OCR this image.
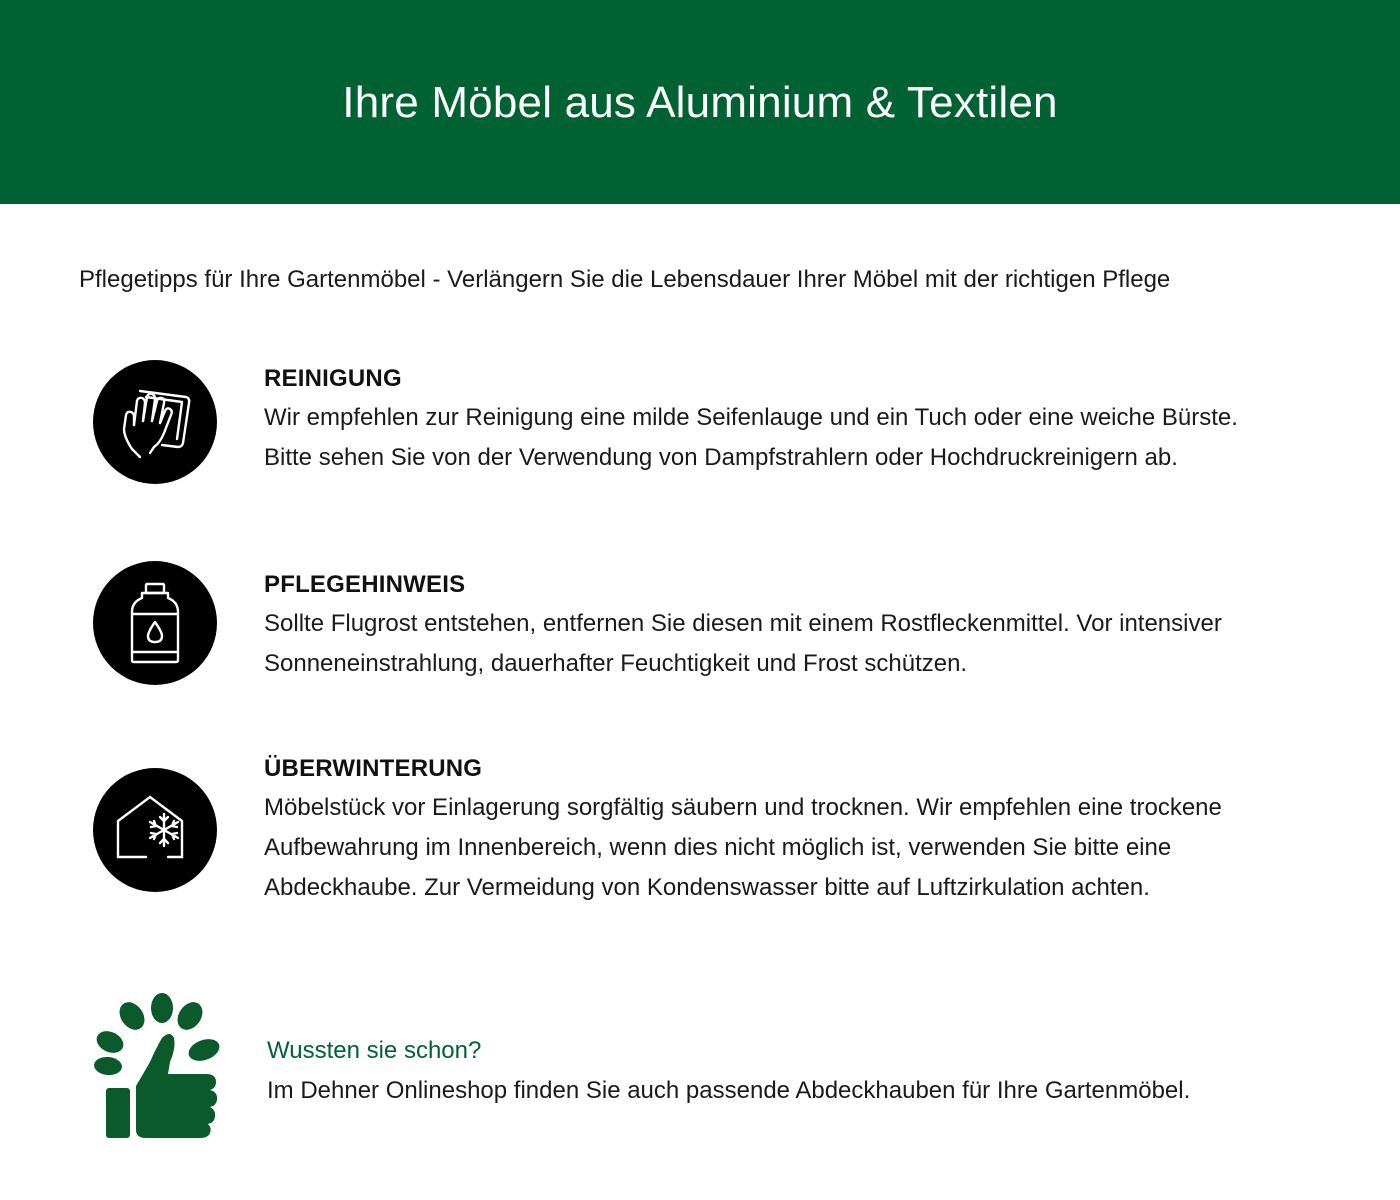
Ihre Möbel aus Aluminium & Textilen
Pflegetipps für Ihre Gartenmöbel - Verlängern Sie die Lebensdauer Ihrer Möbel mit der richtigen Pflege

REINIGUNG

Wir empfehlen zur Reinigung eine milde Seifenlauge und ein Tuch oder eine weiche Bürste.
Bitte sehen Sie von der Verwendung von Dampfstrahlern oder Hochdruckreinigern ab.

PFLEGEHINWEIS

Sollte Flugrost entstehen, entfernen Sie diesen mit einem Rostfleckenmittel. Vor intensiver
Sonneneinstrahlung, dauerhafter Feuchtigkeit und Frost schützen.

ÜBERWINTERUNG

Möbelstück vor Einlagerung sorgfältig säubern und trocknen. Wir empfehlen eine trockene
Aufbewahrung im Innenbereich, wenn dies nicht möglich ist, verwenden Sie bitte eine
Abdeckhaube. Zur Vermeidung von Kondenswasser bitte auf Luftzirkulation achten.

Wussten sie schon?
Im Dehner Onlineshop finden Sie auch passende Abdeckhauben für Ihre Gartenmöbel.
